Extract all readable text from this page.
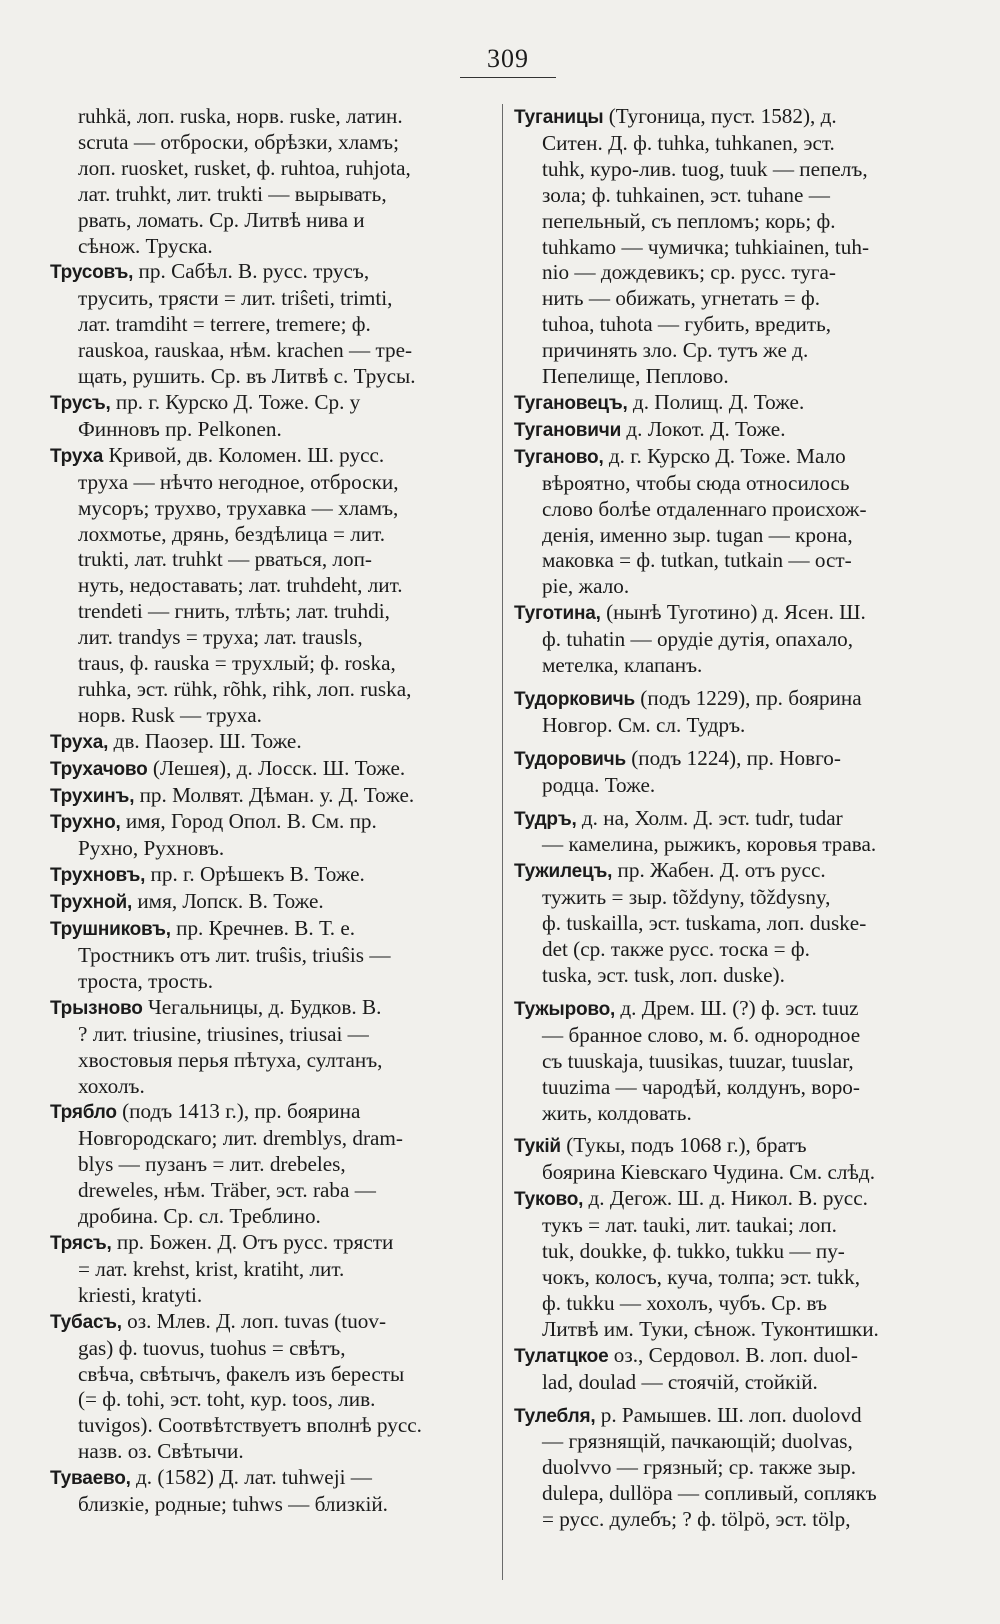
309
ruhkä, лоп. ruska, норв. ruske, латин.
scruta — отброски, обрѣзки, хламъ;
лоп. ruosket, rusket, ф. ruhtoa, ruhjota,
лат. truhkt, лит. trukti — вырывать,
рвать, ломать. Ср. Литвѣ нива и
сѣнож. Труска.
Трусовъ, пр. Сабѣл. В. русс. трусъ,
трусить, трясти = лит. triŝeti, trimti,
лат. tramdiht = terrere, tremere; ф.
rauskoa, rauskaa, нѣм. krachen — тре-
щать, рушить. Ср. въ Литвѣ с. Трусы.
Трусъ, пр. г. Курско Д. Тоже. Ср. у
Финновъ пр. Pelkonen.
Труха Кривой, дв. Коломен. Ш. русс.
труха — нѣчто негодное, отброски,
мусоръ; трухво, трухавка — хламъ,
лохмотье, дрянь, бездѣлица = лит.
trukti, лат. truhkt — рваться, лоп-
нуть, недоставать; лат. truhdeht, лит.
trendeti — гнить, тлѣть; лат. truhdi,
лит. trandys = труха; лат. trausls,
traus, ф. rauska = трухлый; ф. roska,
ruhka, эст. rühk, rõhk, rihk, лоп. ruska,
норв. Rusk — труха.
Труха, дв. Паозер. Ш. Тоже.
Трухачово (Лешея), д. Лосск. Ш. Тоже.
Трухинъ, пр. Молвят. Дѣман. у. Д. Тоже.
Трухно, имя, Город Опол. В. См. пр.
Рухно, Рухновъ.
Трухновъ, пр. г. Орѣшекъ В. Тоже.
Трухной, имя, Лопск. В. Тоже.
Трушниковъ, пр. Кречнев. В. Т. е.
Тростникъ отъ лит. truŝis, triuŝis —
троста, трость.
Трызново Чегальницы, д. Будков. В.
? лит. triusine, triusines, triusai —
хвостовыя перья пѣтуха, султанъ,
хохолъ.
Трябло (подъ 1413 г.), пр. боярина
Новгородскаго; лит. dremblys, dram-
blys — пузанъ = лит. drebeles,
dreweles, нѣм. Träber, эст. raba —
дробина. Ср. сл. Треблино.
Трясъ, пр. Божен. Д. Отъ русс. трясти
= лат. krehst, krist, kratiht, лит.
kriesti, kratyti.
Тубасъ, оз. Млев. Д. лоп. tuvas (tuov-
gas) ф. tuovus, tuohus = свѣтъ,
свѣча, свѣтычъ, факелъ изъ бересты
(= ф. tohi, эст. toht, кур. toos, лив.
tuvigos). Соотвѣтствуетъ вполнѣ русс.
назв. оз. Свѣтычи.
Туваево, д. (1582) Д. лат. tuhweji —
близкіе, родные; tuhws — близкій.
Туганицы (Тугоница, пуст. 1582), д.
Ситен. Д. ф. tuhka, tuhkanen, эст.
tuhk, куро-лив. tuog, tuuk — пепелъ,
зола; ф. tuhkainen, эст. tuhane —
пепельный, съ пепломъ; корь; ф.
tuhkamo — чумичка; tuhkiainen, tuh-
nio — дождевикъ; ср. русс. туга-
нить — обижать, угнетать = ф.
tuhoa, tuhota — губить, вредить,
причинять зло. Ср. тутъ же д.
Пепелище, Пеплово.
Тугановецъ, д. Полищ. Д. Тоже.
Тугановичи д. Локот. Д. Тоже.
Туганово, д. г. Курско Д. Тоже. Мало
вѣроятно, чтобы сюда относилось
слово болѣе отдаленнаго происхож-
денія, именно зыр. tugan — крона,
маковка = ф. tutkan, tutkain — ост-
ріе, жало.
Туготина, (нынѣ Туготино) д. Ясен. Ш.
ф. tuhatin — орудіе дутія, опахало,
метелка, клапанъ.
Тудорковичь (подъ 1229), пр. боярина
Новгор. См. сл. Тудръ.
Тудоровичь (подъ 1224), пр. Новго-
родца. Тоже.
Тудръ, д. на, Холм. Д. эст. tudr, tudar
— камелина, рыжикъ, коровья трава.
Тужилецъ, пр. Жабен. Д. отъ русс.
тужить = зыр. tõždyny, tõždysny,
ф. tuskailla, эст. tuskama, лоп. duske-
det (ср. также русс. тоска = ф.
tuska, эст. tusk, лоп. duske).
Тужырово, д. Дрем. Ш. (?) ф. эст. tuuz
— бранное слово, м. б. однородное
съ tuuskaja, tuusikas, tuuzar, tuuslar,
tuuzima — чародѣй, колдунъ, воро-
жить, колдовать.
Тукій (Тукы, подъ 1068 г.), братъ
боярина Кіевскаго Чудина. См. слѣд.
Туково, д. Дегож. Ш. д. Никол. В. русс.
тукъ = лат. tauki, лит. taukai; лоп.
tuk, doukke, ф. tukko, tukku — пу-
чокъ, колосъ, куча, толпа; эст. tukk,
ф. tukku — хохолъ, чубъ. Ср. въ
Литвѣ им. Туки, сѣнож. Туконтишки.
Тулатцкое оз., Сердовол. В. лоп. duol-
lad, doulad — стоячій, стойкій.
Тулебля, р. Рамышев. Ш. лоп. duolovd
— грязнящій, пачкающій; duolvas,
duolvvo — грязный; ср. также зыр.
dulepa, dullöpa — сопливый, соплякъ
= русс. дулебъ; ? ф. tölpö, эст. tölp,
